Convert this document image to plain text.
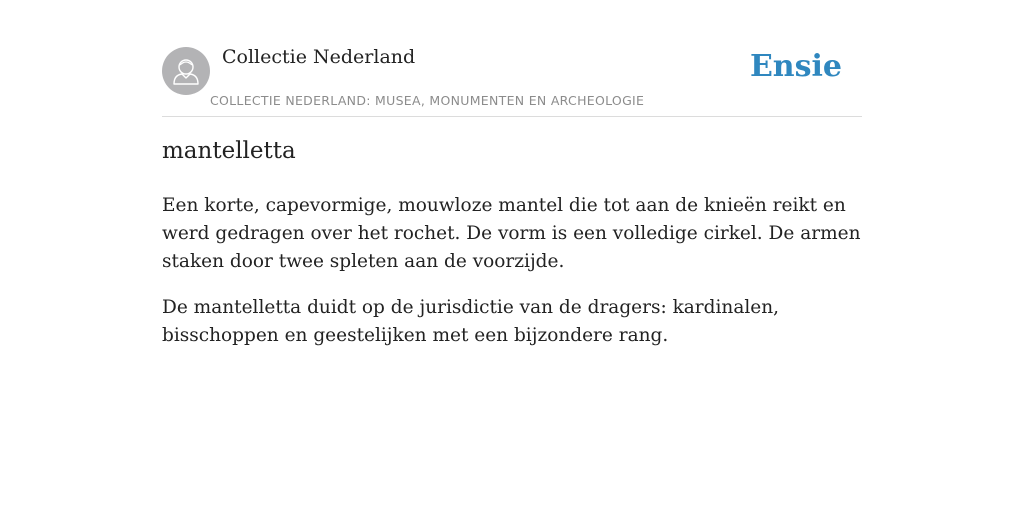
Collectie Nederland
COLLECTIE NEDERLAND: MUSEA, MONUMENTEN EN ARCHEOLOGIE
Ensie
mantelletta

Een korte, capevormige, mouwloze mantel die tot aan de knieën reikt en werd gedragen over het rochet. De vorm is een volledige cirkel. De armen staken door twee spleten aan de voorzijde.

De mantelletta duidt op de jurisdictie van de dragers: kardinalen, bisschoppen en geestelijken met een bijzondere rang.
